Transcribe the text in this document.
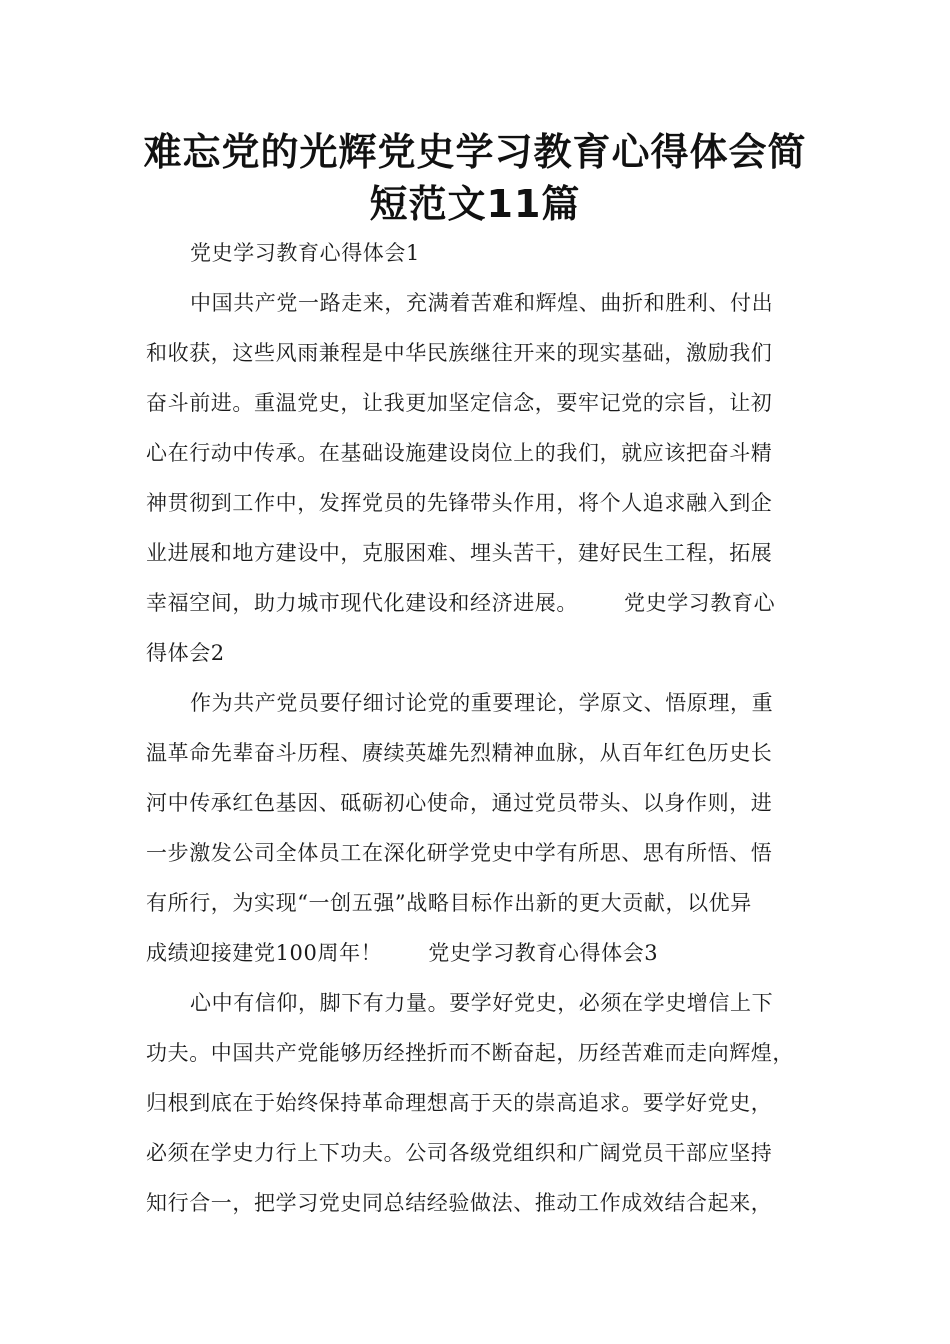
难忘党的光辉党史学习教育心得体会简
短范文11篇
党史学习教育心得体会1
中国共产党一路走来，充满着苦难和辉煌、曲折和胜利、付出
和收获，这些风雨兼程是中华民族继往开来的现实基础，激励我们
奋斗前进。重温党史，让我更加坚定信念，要牢记党的宗旨，让初
心在行动中传承。在基础设施建设岗位上的我们，就应该把奋斗精
神贯彻到工作中，发挥党员的先锋带头作用，将个人追求融入到企
业进展和地方建设中，克服困难、埋头苦干，建好民生工程，拓展
幸福空间，助力城市现代化建设和经济进展。 党史学习教育心
得体会2
作为共产党员要仔细讨论党的重要理论，学原文、悟原理，重
温革命先辈奋斗历程、赓续英雄先烈精神血脉，从百年红色历史长
河中传承红色基因、砥砺初心使命，通过党员带头、以身作则，进
一步激发公司全体员工在深化研学党史中学有所思、思有所悟、悟
有所行，为实现“一创五强”战略目标作出新的更大贡献，以优异
成绩迎接建党100周年！ 党史学习教育心得体会3
心中有信仰，脚下有力量。要学好党史，必须在学史增信上下
功夫。中国共产党能够历经挫折而不断奋起，历经苦难而走向辉煌，
归根到底在于始终保持革命理想高于天的崇高追求。要学好党史，
必须在学史力行上下功夫。公司各级党组织和广阔党员干部应坚持
知行合一，把学习党史同总结经验做法、推动工作成效结合起来，
